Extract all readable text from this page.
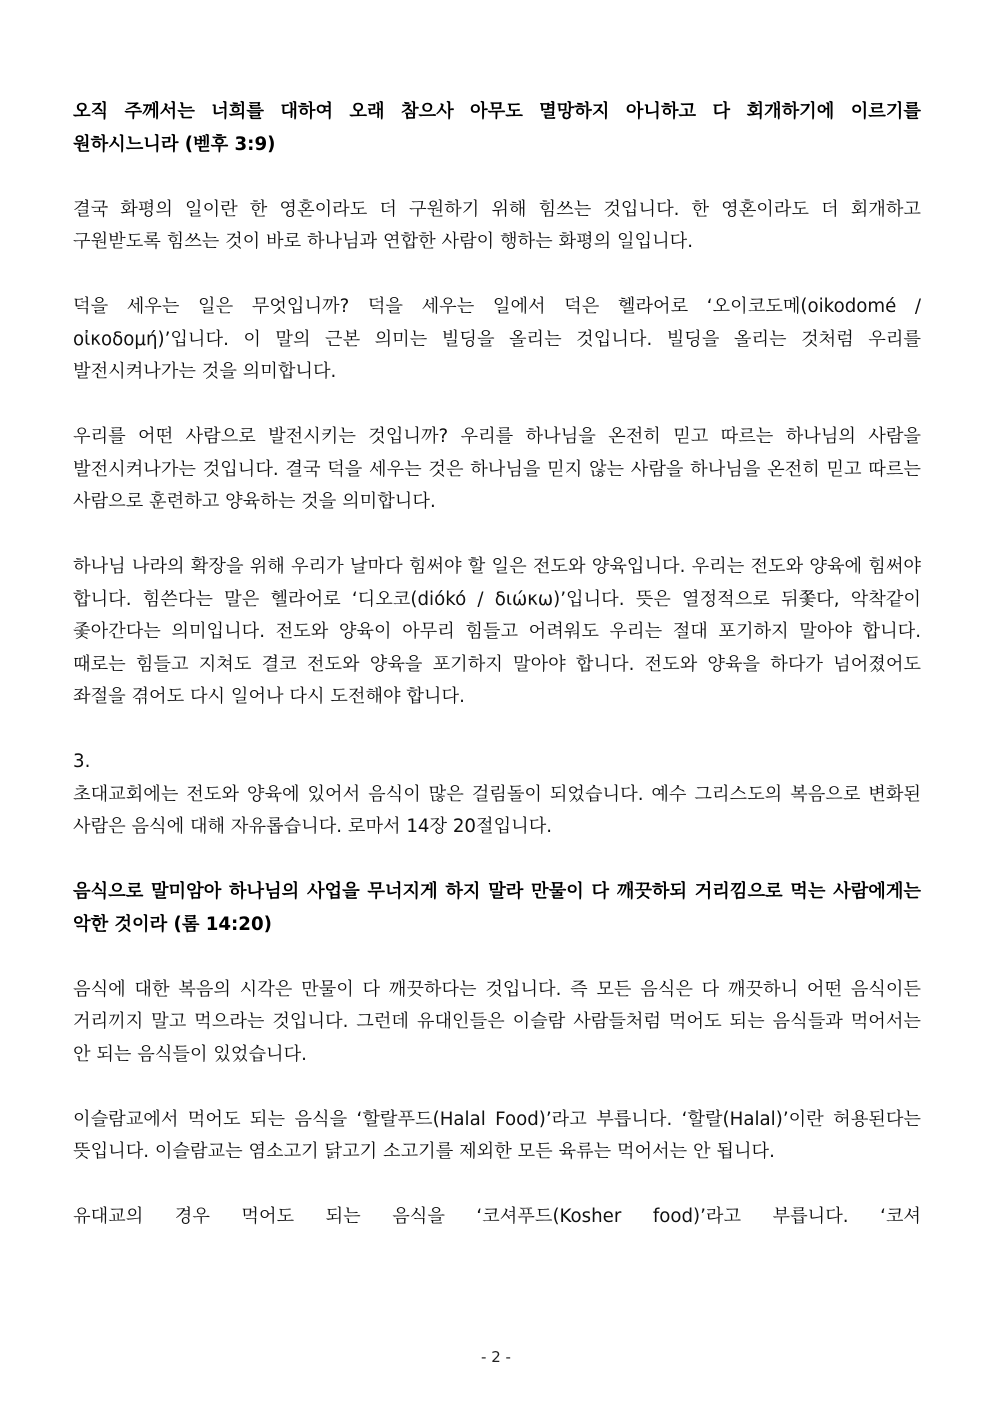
오직 주께서는 너희를 대하여 오래 참으사 아무도 멸망하지 아니하고 다 회개하기에 이르기를 원하시느니라 (벧후 3:9)

결국 화평의 일이란 한 영혼이라도 더 구원하기 위해 힘쓰는 것입니다. 한 영혼이라도 더 회개하고 구원받도록 힘쓰는 것이 바로 하나님과 연합한 사람이 행하는 화평의 일입니다.

덕을 세우는 일은 무엇입니까? 덕을 세우는 일에서 덕은 헬라어로 ‘오이코도메(oikodomé / οἰκοδομή)’입니다. 이 말의 근본 의미는 빌딩을 올리는 것입니다. 빌딩을 올리는 것처럼 우리를 발전시켜나가는 것을 의미합니다.

우리를 어떤 사람으로 발전시키는 것입니까? 우리를 하나님을 온전히 믿고 따르는 하나님의 사람을 발전시켜나가는 것입니다. 결국 덕을 세우는 것은 하나님을 믿지 않는 사람을 하나님을 온전히 믿고 따르는 사람으로 훈련하고 양육하는 것을 의미합니다.

하나님 나라의 확장을 위해 우리가 날마다 힘써야 할 일은 전도와 양육입니다. 우리는 전도와 양육에 힘써야 합니다. 힘쓴다는 말은 헬라어로 ‘디오코(diókó / διώκω)’입니다. 뜻은 열정적으로 뒤쫓다, 악착같이 좇아간다는 의미입니다. 전도와 양육이 아무리 힘들고 어려워도 우리는 절대 포기하지 말아야 합니다. 때로는 힘들고 지쳐도 결코 전도와 양육을 포기하지 말아야 합니다. 전도와 양육을 하다가 넘어졌어도 좌절을 겪어도 다시 일어나 다시 도전해야 합니다.

3.

초대교회에는 전도와 양육에 있어서 음식이 많은 걸림돌이 되었습니다. 예수 그리스도의 복음으로 변화된 사람은 음식에 대해 자유롭습니다. 로마서 14장 20절입니다.

음식으로 말미암아 하나님의 사업을 무너지게 하지 말라 만물이 다 깨끗하되 거리낌으로 먹는 사람에게는 악한 것이라 (롬 14:20)

음식에 대한 복음의 시각은 만물이 다 깨끗하다는 것입니다. 즉 모든 음식은 다 깨끗하니 어떤 음식이든 거리끼지 말고 먹으라는 것입니다. 그런데 유대인들은 이슬람 사람들처럼 먹어도 되는 음식들과 먹어서는 안 되는 음식들이 있었습니다.

이슬람교에서 먹어도 되는 음식을 ‘할랄푸드(Halal Food)’라고 부릅니다. ‘할랄(Halal)’이란 허용된다는 뜻입니다. 이슬람교는 염소고기 닭고기 소고기를 제외한 모든 육류는 먹어서는 안 됩니다.

유대교의 경우 먹어도 되는 음식을 ‘코셔푸드(Kosher food)’라고 부릅니다. ‘코셔

- 2 -
